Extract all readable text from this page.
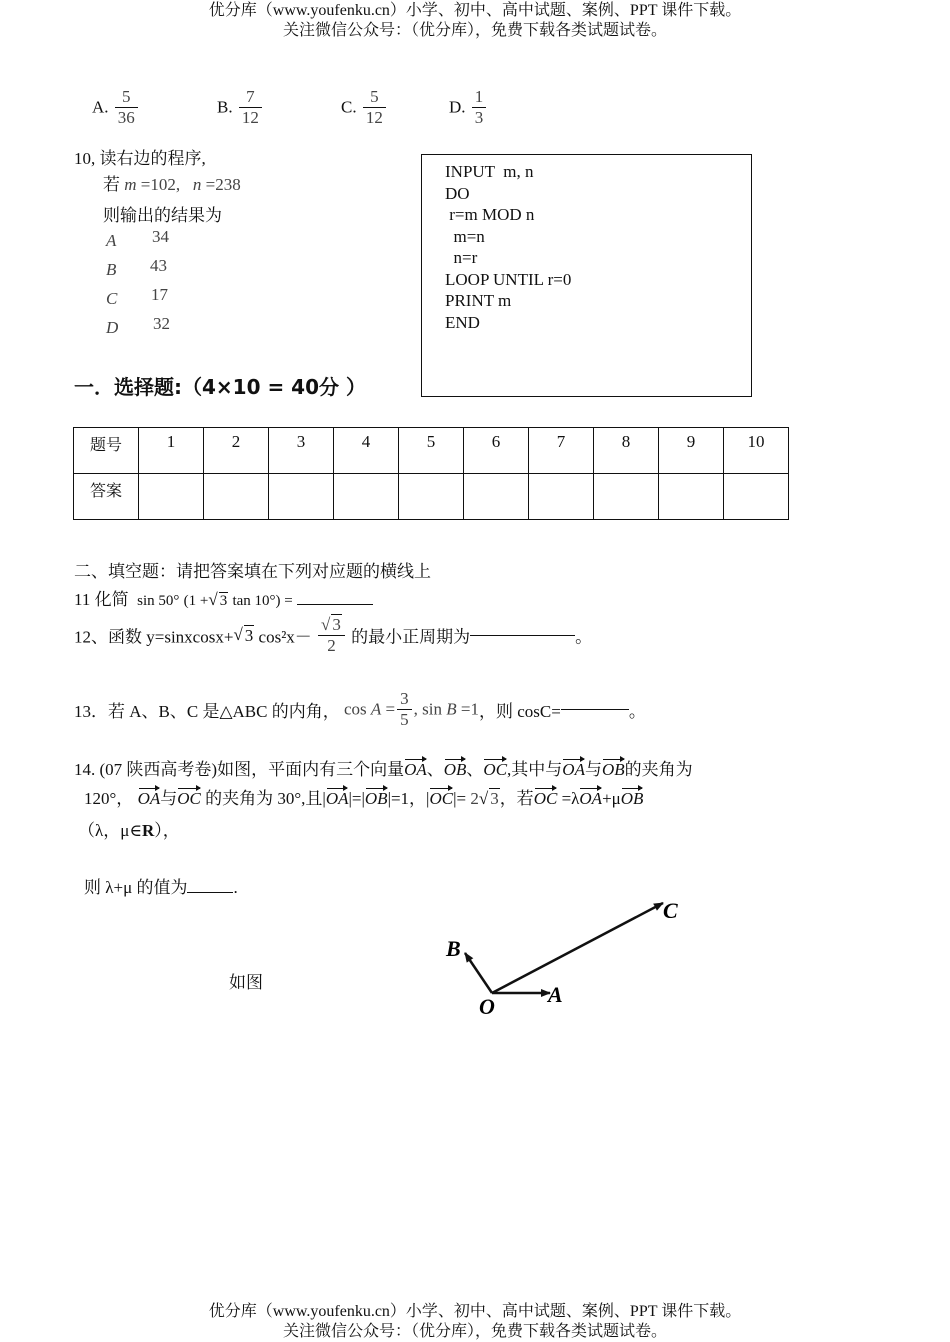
优分库（www.youfenku.cn）小学、初中、高中试题、案例、PPT 课件下载。
关注微信公众号：（优分库），免费下载各类试题试卷。
A. $\frac{5}{36}$	B. $\frac{7}{12}$	C. $\frac{5}{12}$	D. $\frac{1}{3}$
10, 读右边的程序,
若 m =102, n =238
则输出的结果为
A 34
B 43
C 17
D 32
INPUT  m, n
DO
r=m MOD n
m=n
n=r
LOOP UNTIL r=0
PRINT m
END
一．选择题:（4×10 = 40分 ）
题号	1	2	3	4	5	6	7	8	9	10
答案										
二、填空题：请把答案填在下列对应题的横线上
11 化简 sin 50° (1 +√ 3 tan 10°) =
12、函数 y=sinxcosx+√ 3 $\cos^2x- \frac{√ 3}{2}$ 的最小正周期为	。
13．若 A、B、C 是△ABC 的内角， $\cos A = \frac{3}{5}$ , sin B =1，则 cosC=	。
14. (07 陕西高考卷)如图，平面内有三个向量OA、OB、OC,其中与OA与OB的夹角为
120°， OA与OC 的夹角为 30°,且|OA|=|OB|=1，|OC|= 2√ 3，若OC =λOA+μOB
（λ，μ∈R），
则 λ+μ 的值为	.
如图
O A
B
C
优分库（www.youfenku.cn）小学、初中、高中试题、案例、PPT 课件下载。
关注微信公众号：（优分库），免费下载各类试题试卷。
